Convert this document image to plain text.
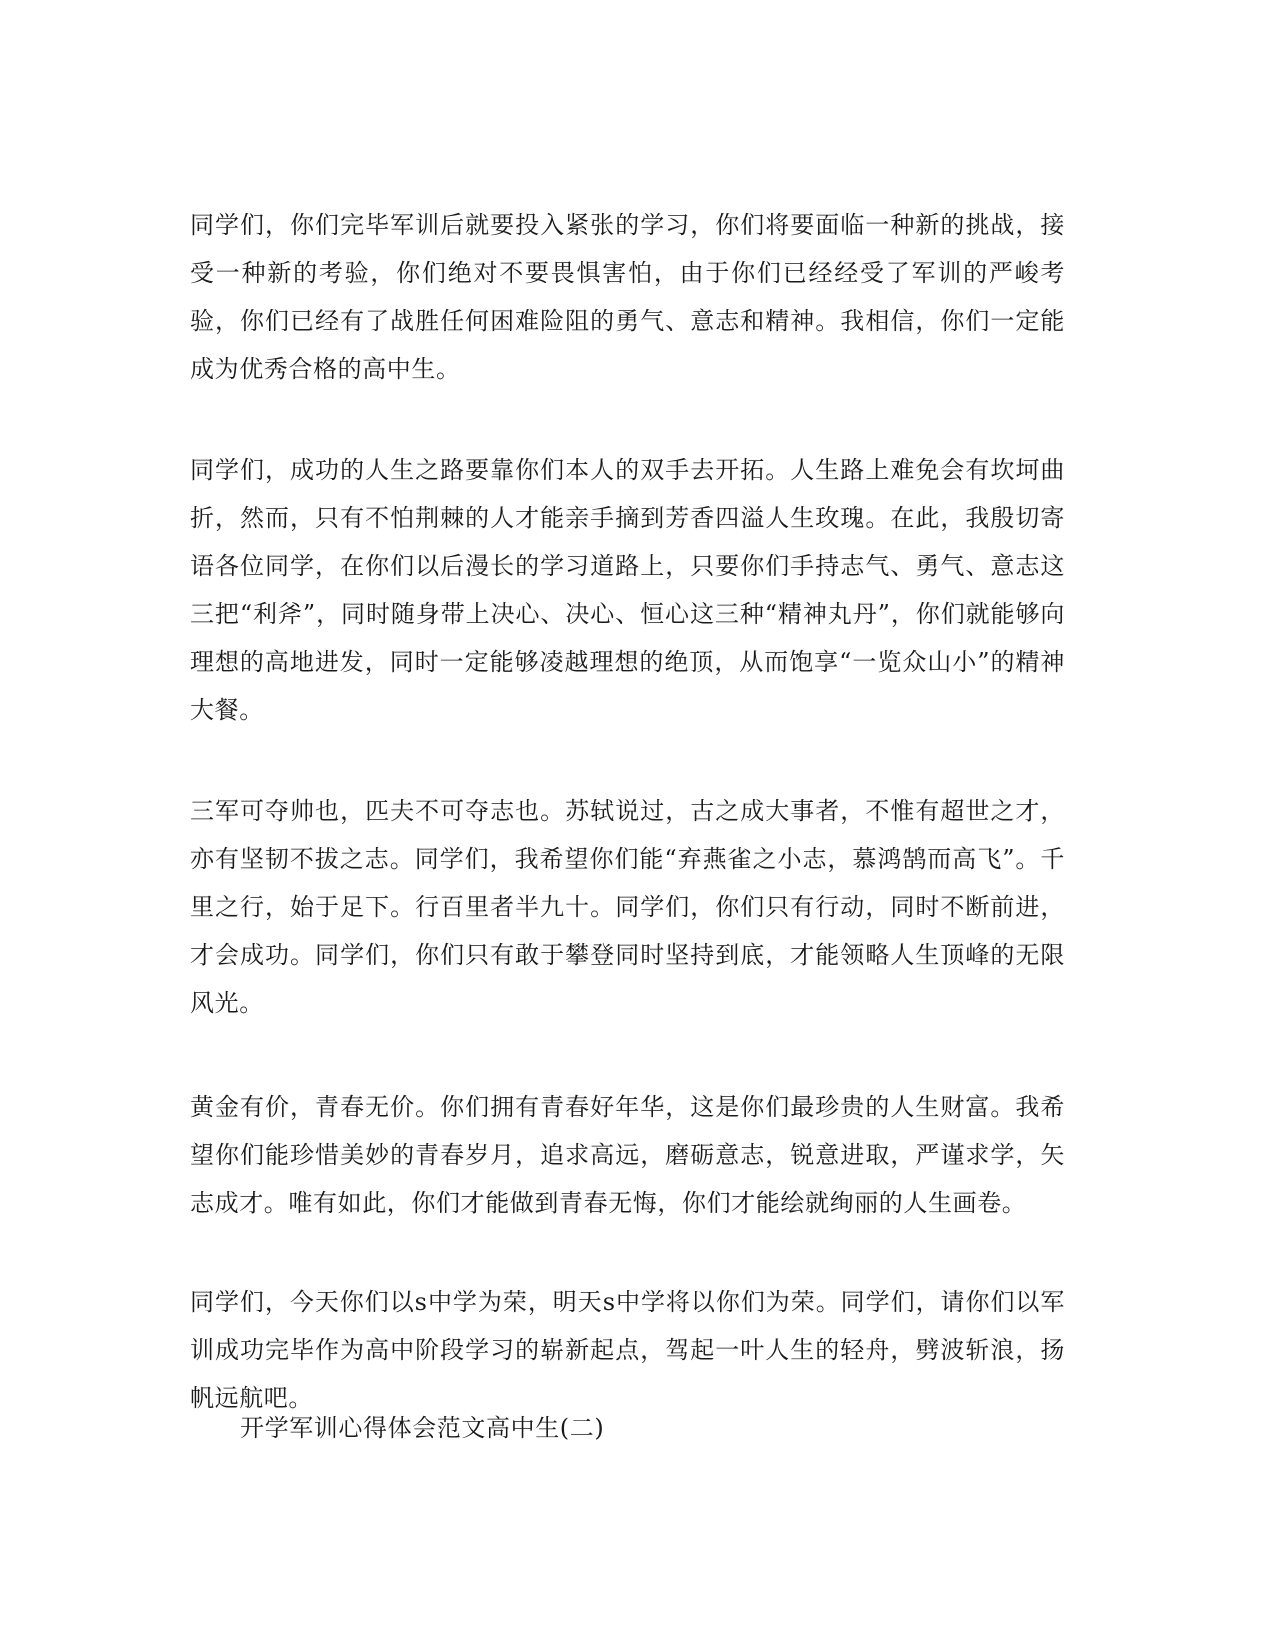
同学们，你们完毕军训后就要投入紧张的学习，你们将要面临一种新的挑战，接受一种新的考验，你们绝对不要畏惧害怕，由于你们已经经受了军训的严峻考验，你们已经有了战胜任何困难险阻的勇气、意志和精神。我相信，你们一定能成为优秀合格的高中生。

同学们，成功的人生之路要靠你们本人的双手去开拓。人生路上难免会有坎坷曲折，然而，只有不怕荆棘的人才能亲手摘到芳香四溢人生玫瑰。在此，我殷切寄语各位同学，在你们以后漫长的学习道路上，只要你们手持志气、勇气、意志这三把“利斧”，同时随身带上决心、决心、恒心这三种“精神丸丹”，你们就能够向理想的高地进发，同时一定能够凌越理想的绝顶，从而饱享“一览众山小”的精神大餐。

三军可夺帅也，匹夫不可夺志也。苏轼说过，古之成大事者，不惟有超世之才，亦有坚韧不拔之志。同学们，我希望你们能“弃燕雀之小志，慕鸿鹄而高飞”。千里之行，始于足下。行百里者半九十。同学们，你们只有行动，同时不断前进，才会成功。同学们，你们只有敢于攀登同时坚持到底，才能领略人生顶峰的无限风光。

黄金有价，青春无价。你们拥有青春好年华，这是你们最珍贵的人生财富。我希望你们能珍惜美妙的青春岁月，追求高远，磨砺意志，锐意进取，严谨求学，矢志成才。唯有如此，你们才能做到青春无悔，你们才能绘就绚丽的人生画卷。

同学们，今天你们以s中学为荣，明天s中学将以你们为荣。同学们，请你们以军训成功完毕作为高中阶段学习的崭新起点，驾起一叶人生的轻舟，劈波斩浪，扬帆远航吧。

开学军训心得体会范文高中生(二)
